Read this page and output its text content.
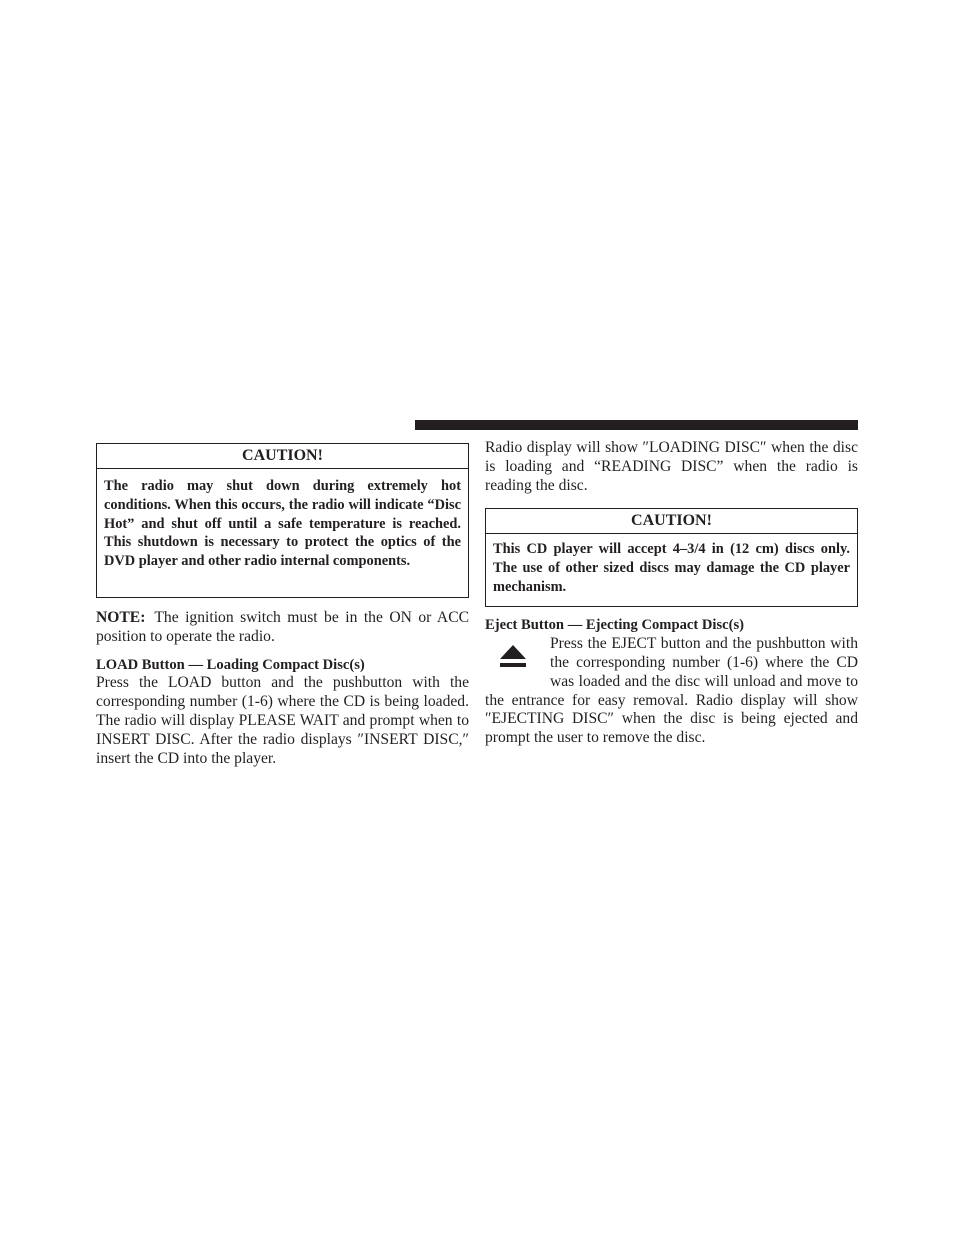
CAUTION!
The radio may shut down during extremely hot conditions. When this occurs, the radio will indicate “Disc Hot” and shut off until a safe temperature is reached. This shutdown is necessary to protect the optics of the DVD player and other radio internal components.

NOTE: The ignition switch must be in the ON or ACC position to operate the radio.

LOAD Button — Loading Compact Disc(s)

Press the LOAD button and the pushbutton with the corresponding number (1-6) where the CD is being loaded. The radio will display PLEASE WAIT and prompt when to INSERT DISC. After the radio displays ″INSERT DISC,″ insert the CD into the player.

Radio display will show ″LOADING DISC″ when the disc is loading and “READING DISC” when the radio is reading the disc.

CAUTION!
This CD player will accept 4–3/4 in (12 cm) discs only. The use of other sized discs may damage the CD player mechanism.
Eject Button — Ejecting Compact Disc(s)

Press the EJECT button and the pushbutton with the corresponding number (1-6) where the CD was loaded and the disc will unload and move to the entrance for easy removal. Radio display will show ″EJECTING DISC″ when the disc is being ejected and prompt the user to remove the disc.
